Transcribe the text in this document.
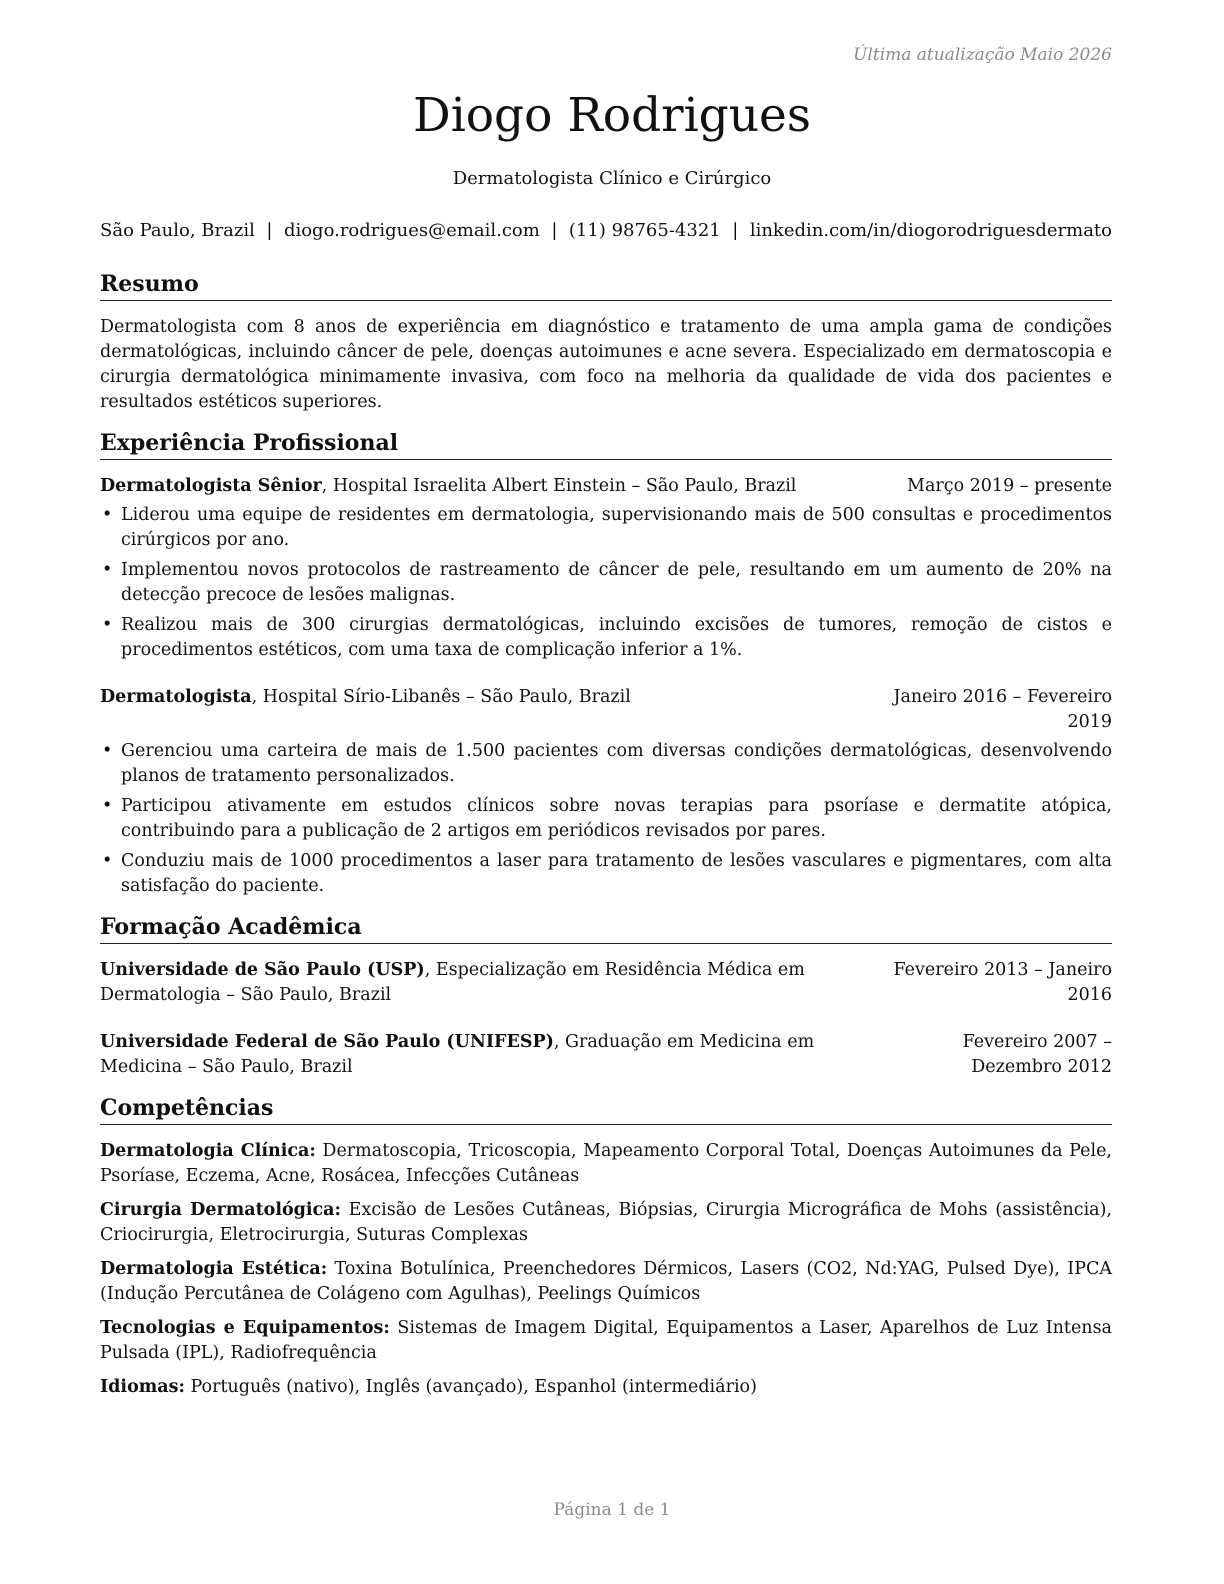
Última atualização Maio 2026
Diogo Rodrigues
Dermatologista Clínico e Cirúrgico
São Paulo, Brazil | diogo.rodrigues@email.com | (11) 98765-4321 | linkedin.com/in/diogorodriguesdermato
Resumo

Dermatologista com 8 anos de experiência em diagnóstico e tratamento de uma ampla gama de condições dermatológicas, incluindo câncer de pele, doenças autoimunes e acne severa. Especializado em dermatoscopia e cirurgia dermatológica minimamente invasiva, com foco na melhoria da qualidade de vida dos pacientes e resultados estéticos superiores.

Experiência Profissional
Dermatologista Sênior, Hospital Israelita Albert Einstein – São Paulo, Brazil	Março 2019 – presente
• Liderou uma equipe de residentes em dermatologia, supervisionando mais de 500 consultas e procedimentos cirúrgicos por ano.
• Implementou novos protocolos de rastreamento de câncer de pele, resultando em um aumento de 20% na detecção precoce de lesões malignas.
• Realizou mais de 300 cirurgias dermatológicas, incluindo excisões de tumores, remoção de cistos e procedimentos estéticos, com uma taxa de complicação inferior a 1%.
Dermatologista, Hospital Sírio-Libanês – São Paulo, Brazil	Janeiro 2016 – Fevereiro 2019
• Gerenciou uma carteira de mais de 1.500 pacientes com diversas condições dermatológicas, desenvolvendo planos de tratamento personalizados.
• Participou ativamente em estudos clínicos sobre novas terapias para psoríase e dermatite atópica, contribuindo para a publicação de 2 artigos em periódicos revisados por pares.
• Conduziu mais de 1000 procedimentos a laser para tratamento de lesões vasculares e pigmentares, com alta satisfação do paciente.
Formação Acadêmica
Universidade de São Paulo (USP), Especialização em Residência Médica em Dermatologia – São Paulo, Brazil
Fevereiro 2013 – Janeiro 2016
Universidade Federal de São Paulo (UNIFESP), Graduação em Medicina em Medicina – São Paulo, Brazil
Fevereiro 2007 – Dezembro 2012
Competências
Dermatologia Clínica: Dermatoscopia, Tricoscopia, Mapeamento Corporal Total, Doenças Autoimunes da Pele, Psoríase, Eczema, Acne, Rosácea, Infecções Cutâneas
Cirurgia Dermatológica: Excisão de Lesões Cutâneas, Biópsias, Cirurgia Micrográfica de Mohs (assistência), Criocirurgia, Eletrocirurgia, Suturas Complexas
Dermatologia Estética: Toxina Botulínica, Preenchedores Dérmicos, Lasers (CO2, Nd:YAG, Pulsed Dye), IPCA (Indução Percutânea de Colágeno com Agulhas), Peelings Químicos
Tecnologias e Equipamentos: Sistemas de Imagem Digital, Equipamentos a Laser, Aparelhos de Luz Intensa Pulsada (IPL), Radiofrequência
Idiomas: Português (nativo), Inglês (avançado), Espanhol (intermediário)
Página 1 de 1
